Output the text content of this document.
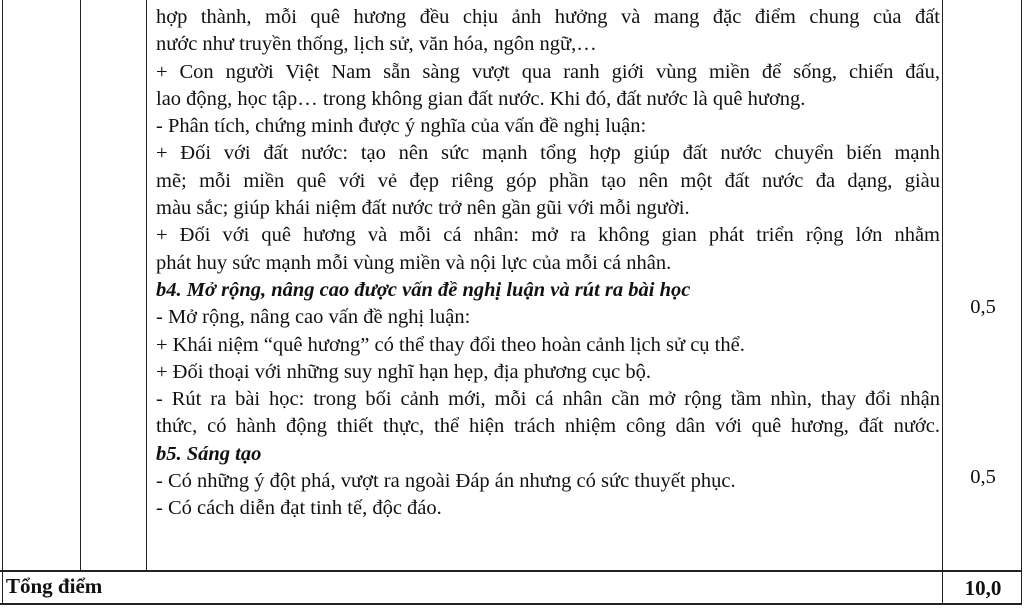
hợp thành, mỗi quê hương đều chịu ảnh hưởng và mang đặc điểm chung của đất
nước như truyền thống, lịch sử, văn hóa, ngôn ngữ,…
+ Con người Việt Nam sẵn sàng vượt qua ranh giới vùng miền để sống, chiến đấu,
lao động, học tập… trong không gian đất nước. Khi đó, đất nước là quê hương.
- Phân tích, chứng minh được ý nghĩa của vấn đề nghị luận:
+ Đối với đất nước: tạo nên sức mạnh tổng hợp giúp đất nước chuyển biến mạnh
mẽ; mỗi miền quê với vẻ đẹp riêng góp phần tạo nên một đất nước đa dạng, giàu
màu sắc; giúp khái niệm đất nước trở nên gần gũi với mỗi người.
+ Đối với quê hương và mỗi cá nhân: mở ra không gian phát triển rộng lớn nhằm
phát huy sức mạnh mỗi vùng miền và nội lực của mỗi cá nhân.
b4. Mở rộng, nâng cao được vấn đề nghị luận và rút ra bài học
- Mở rộng, nâng cao vấn đề nghị luận:
+ Khái niệm “quê hương” có thể thay đổi theo hoàn cảnh lịch sử cụ thể.
+ Đối thoại với những suy nghĩ hạn hẹp, địa phương cục bộ.
- Rút ra bài học: trong bối cảnh mới, mỗi cá nhân cần mở rộng tầm nhìn, thay đổi nhận
thức, có hành động thiết thực, thể hiện trách nhiệm công dân với quê hương, đất nước.
b5. Sáng tạo
- Có những ý đột phá, vượt ra ngoài Đáp án nhưng có sức thuyết phục.
- Có cách diễn đạt tinh tế, độc đáo.
0,5
0,5
Tổng điểm	10,0
